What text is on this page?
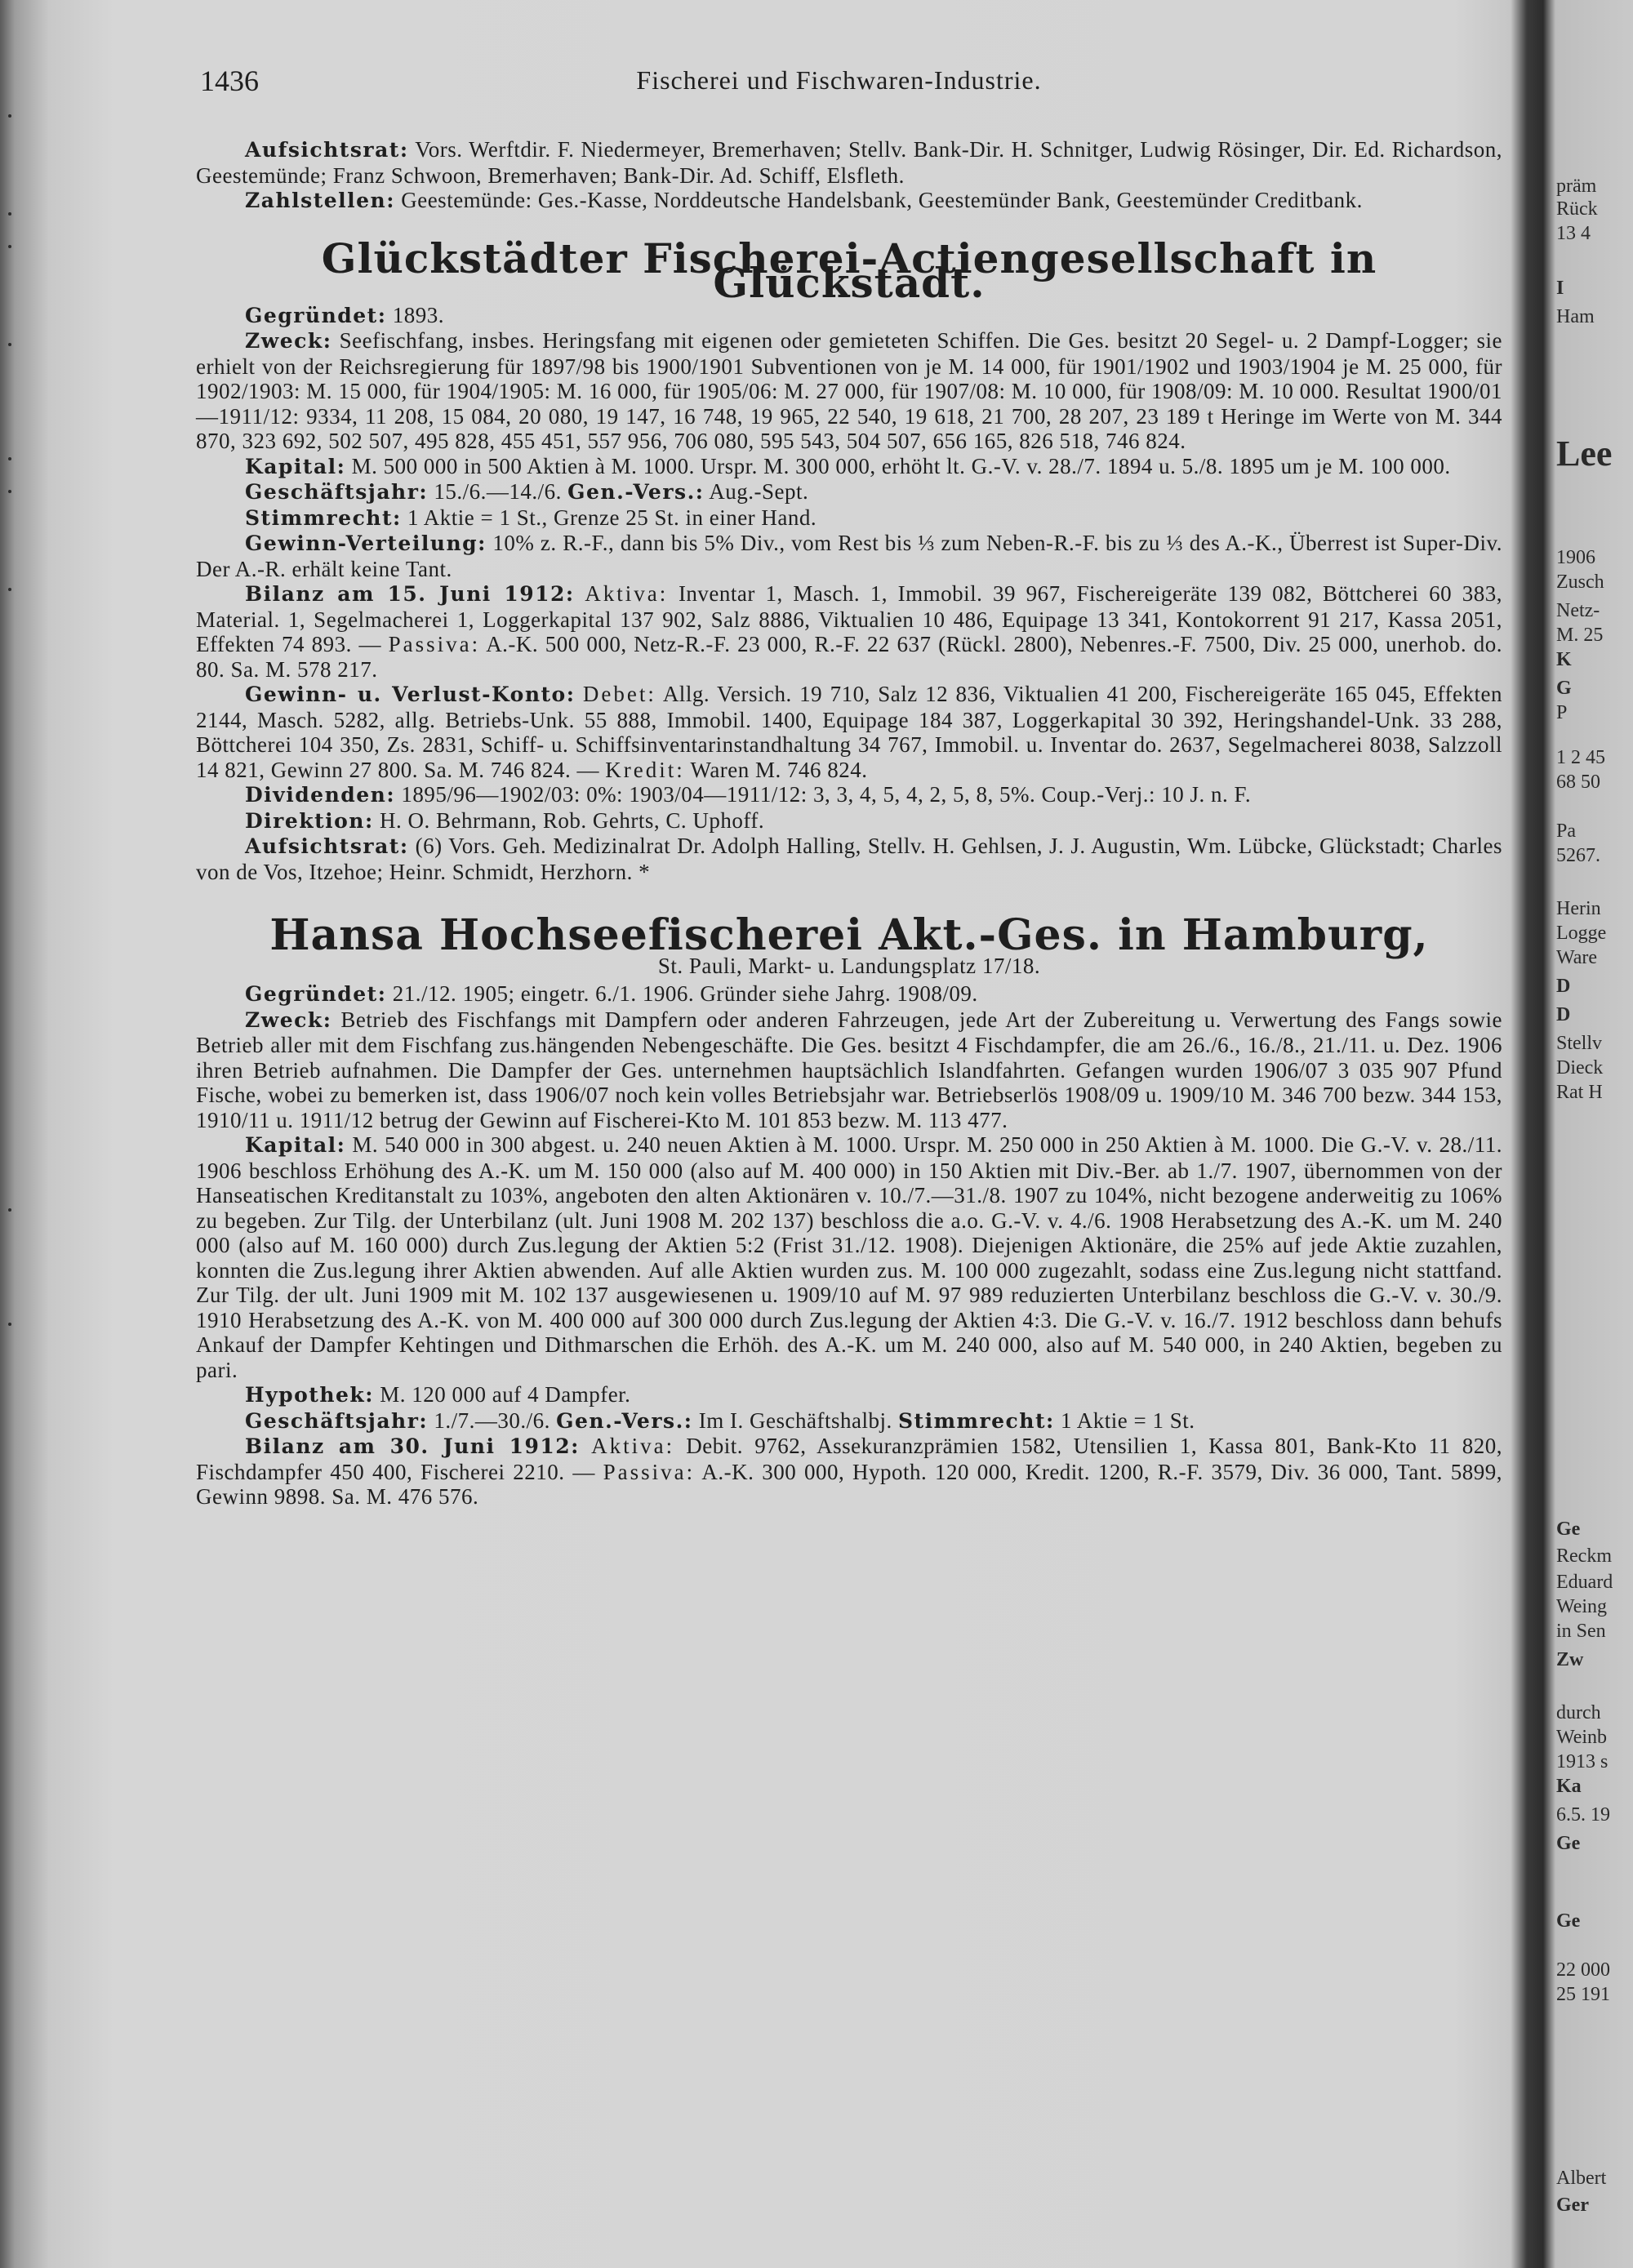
1436	Fischerei und Fischwaren-Industrie.

Aufsichtsrat: Vors. Werftdir. F. Niedermeyer, Bremerhaven; Stellv. Bank-Dir. H. Schnitger, Ludwig Rösinger, Dir. Ed. Richardson, Geestemünde; Franz Schwoon, Bremerhaven; Bank-Dir. Ad. Schiff, Elsfleth.

Zahlstellen: Geestemünde: Ges.-Kasse, Norddeutsche Handelsbank, Geestemünder Bank, Geestemünder Creditbank.

Glückstädter Fischerei-Actiengesellschaft in Glückstadt.

Gegründet: 1893.

Zweck: Seefischfang, insbes. Heringsfang mit eigenen oder gemieteten Schiffen. Die Ges. besitzt 20 Segel- u. 2 Dampf-Logger; sie erhielt von der Reichsregierung für 1897/98 bis 1900/1901 Subventionen von je M. 14 000, für 1901/1902 und 1903/1904 je M. 25 000, für 1902/1903: M. 15 000, für 1904/1905: M. 16 000, für 1905/06: M. 27 000, für 1907/08: M. 10 000, für 1908/09: M. 10 000. Resultat 1900/01—1911/12: 9334, 11 208, 15 084, 20 080, 19 147, 16 748, 19 965, 22 540, 19 618, 21 700, 28 207, 23 189 t Heringe im Werte von M. 344 870, 323 692, 502 507, 495 828, 455 451, 557 956, 706 080, 595 543, 504 507, 656 165, 826 518, 746 824.

Kapital: M. 500 000 in 500 Aktien à M. 1000. Urspr. M. 300 000, erhöht lt. G.-V. v. 28./7. 1894 u. 5./8. 1895 um je M. 100 000.

Geschäftsjahr: 15./6.—14./6. Gen.-Vers.: Aug.-Sept.

Stimmrecht: 1 Aktie = 1 St., Grenze 25 St. in einer Hand.

Gewinn-Verteilung: 10% z. R.-F., dann bis 5% Div., vom Rest bis ⅓ zum Neben-R.-F. bis zu ⅓ des A.-K., Überrest ist Super-Div. Der A.-R. erhält keine Tant.

Bilanz am 15. Juni 1912: Aktiva: Inventar 1, Masch. 1, Immobil. 39 967, Fischereigeräte 139 082, Böttcherei 60 383, Material. 1, Segelmacherei 1, Loggerkapital 137 902, Salz 8886, Viktualien 10 486, Equipage 13 341, Kontokorrent 91 217, Kassa 2051, Effekten 74 893. — Passiva: A.-K. 500 000, Netz-R.-F. 23 000, R.-F. 22 637 (Rückl. 2800), Nebenres.-F. 7500, Div. 25 000, unerhob. do. 80. Sa. M. 578 217.

Gewinn- u. Verlust-Konto: Debet: Allg. Versich. 19 710, Salz 12 836, Viktualien 41 200, Fischereigeräte 165 045, Effekten 2144, Masch. 5282, allg. Betriebs-Unk. 55 888, Immobil. 1400, Equipage 184 387, Loggerkapital 30 392, Heringshandel-Unk. 33 288, Böttcherei 104 350, Zs. 2831, Schiff- u. Schiffsinventarinstandhaltung 34 767, Immobil. u. Inventar do. 2637, Segelmacherei 8038, Salzzoll 14 821, Gewinn 27 800. Sa. M. 746 824. — Kredit: Waren M. 746 824.

Dividenden: 1895/96—1902/03: 0%: 1903/04—1911/12: 3, 3, 4, 5, 4, 2, 5, 8, 5%. Coup.-Verj.: 10 J. n. F.

Direktion: H. O. Behrmann, Rob. Gehrts, C. Uphoff.

Aufsichtsrat: (6) Vors. Geh. Medizinalrat Dr. Adolph Halling, Stellv. H. Gehlsen, J. J. Augustin, Wm. Lübcke, Glückstadt; Charles von de Vos, Itzehoe; Heinr. Schmidt, Herzhorn. *

Hansa Hochseefischerei Akt.-Ges. in Hamburg,

St. Pauli, Markt- u. Landungsplatz 17/18.

Gegründet: 21./12. 1905; eingetr. 6./1. 1906. Gründer siehe Jahrg. 1908/09.

Zweck: Betrieb des Fischfangs mit Dampfern oder anderen Fahrzeugen, jede Art der Zubereitung u. Verwertung des Fangs sowie Betrieb aller mit dem Fischfang zus.hängenden Nebengeschäfte. Die Ges. besitzt 4 Fischdampfer, die am 26./6., 16./8., 21./11. u. Dez. 1906 ihren Betrieb aufnahmen. Die Dampfer der Ges. unternehmen hauptsächlich Islandfahrten. Gefangen wurden 1906/07 3 035 907 Pfund Fische, wobei zu bemerken ist, dass 1906/07 noch kein volles Betriebsjahr war. Betriebserlös 1908/09 u. 1909/10 M. 346 700 bezw. 344 153, 1910/11 u. 1911/12 betrug der Gewinn auf Fischerei-Kto M. 101 853 bezw. M. 113 477.

Kapital: M. 540 000 in 300 abgest. u. 240 neuen Aktien à M. 1000. Urspr. M. 250 000 in 250 Aktien à M. 1000. Die G.-V. v. 28./11. 1906 beschloss Erhöhung des A.-K. um M. 150 000 (also auf M. 400 000) in 150 Aktien mit Div.-Ber. ab 1./7. 1907, übernommen von der Hanseatischen Kreditanstalt zu 103%, angeboten den alten Aktionären v. 10./7.—31./8. 1907 zu 104%, nicht bezogene anderweitig zu 106% zu begeben. Zur Tilg. der Unterbilanz (ult. Juni 1908 M. 202 137) beschloss die a.o. G.-V. v. 4./6. 1908 Herabsetzung des A.-K. um M. 240 000 (also auf M. 160 000) durch Zus.legung der Aktien 5:2 (Frist 31./12. 1908). Diejenigen Aktionäre, die 25% auf jede Aktie zuzahlen, konnten die Zus.legung ihrer Aktien abwenden. Auf alle Aktien wurden zus. M. 100 000 zugezahlt, sodass eine Zus.legung nicht stattfand. Zur Tilg. der ult. Juni 1909 mit M. 102 137 ausgewiesenen u. 1909/10 auf M. 97 989 reduzierten Unterbilanz beschloss die G.-V. v. 30./9. 1910 Herabsetzung des A.-K. von M. 400 000 auf 300 000 durch Zus.legung der Aktien 4:3. Die G.-V. v. 16./7. 1912 beschloss dann behufs Ankauf der Dampfer Kehtingen und Dithmarschen die Erhöh. des A.-K. um M. 240 000, also auf M. 540 000, in 240 Aktien, begeben zu pari.

Hypothek: M. 120 000 auf 4 Dampfer.

Geschäftsjahr: 1./7.—30./6. Gen.-Vers.: Im I. Geschäftshalbj. Stimmrecht: 1 Aktie = 1 St.

Bilanz am 30. Juni 1912: Aktiva: Debit. 9762, Assekuranzprämien 1582, Utensilien 1, Kassa 801, Bank-Kto 11 820, Fischdampfer 450 400, Fischerei 2210. — Passiva: A.-K. 300 000, Hypoth. 120 000, Kredit. 1200, R.-F. 3579, Div. 36 000, Tant. 5899, Gewinn 9898. Sa. M. 476 576.

präm
Rück
13 4
I
Ham
Lee
1906
Zusch
Netz-
M. 25
K
G
P
1 2 45
68 50
Pa
5267.
Herin
Logge
Ware
D
D
Stellv
Dieck
Rat H
Ge
Reckm
Eduard
Weing
in Sen
Zw
durch
Weinb
1913 s
Ka
6.5. 19
Ge
Ge
22 000
25 191
Albert
Ger
